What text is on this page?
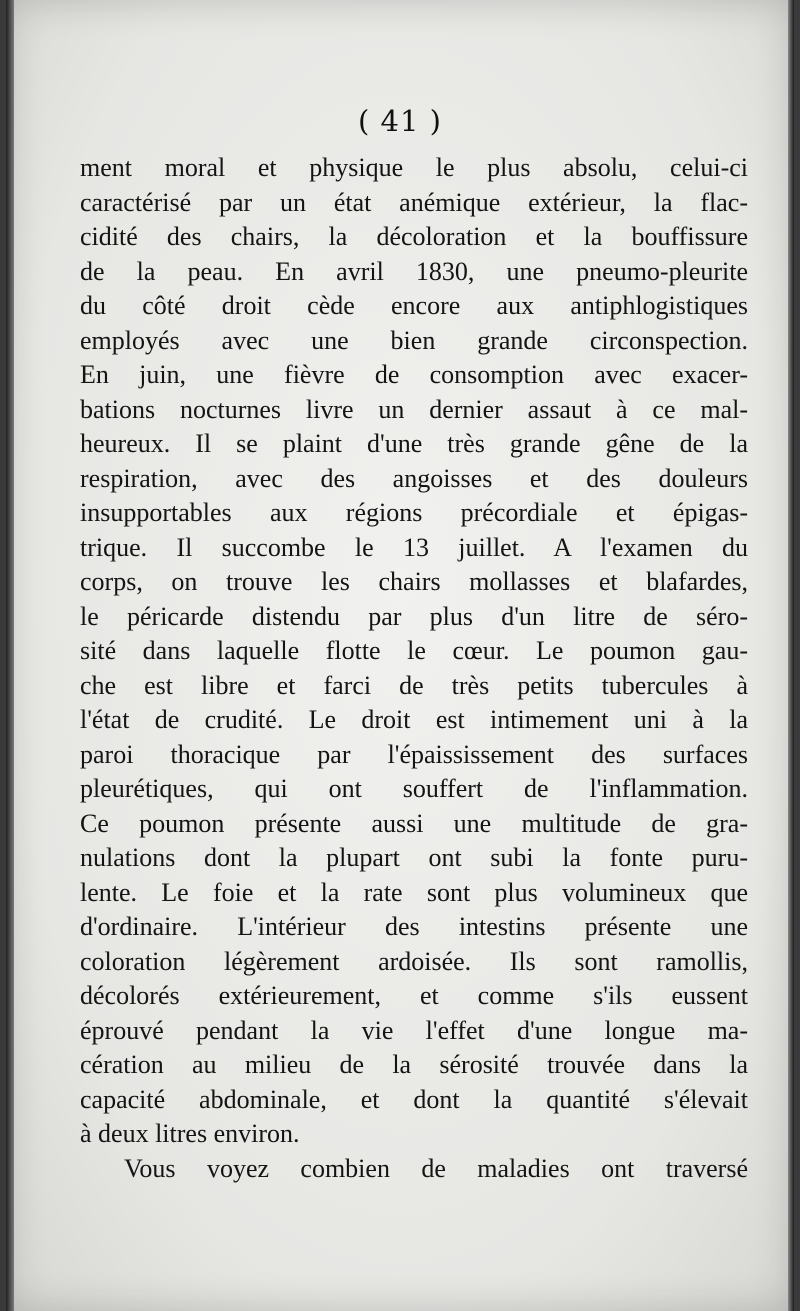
( 41 )
ment moral et physique le plus absolu, celui-ci
caractérisé par un état anémique extérieur, la flac-
cidité des chairs, la décoloration et la bouffissure
de la peau. En avril 1830, une pneumo-pleurite
du côté droit cède encore aux antiphlogistiques
employés avec une bien grande circonspection.
En juin, une fièvre de consomption avec exacer-
bations nocturnes livre un dernier assaut à ce mal-
heureux. Il se plaint d'une très grande gêne de la
respiration, avec des angoisses et des douleurs
insupportables aux régions précordiale et épigas-
trique. Il succombe le 13 juillet. A l'examen du
corps, on trouve les chairs mollasses et blafardes,
le péricarde distendu par plus d'un litre de séro-
sité dans laquelle flotte le cœur. Le poumon gau-
che est libre et farci de très petits tubercules à
l'état de crudité. Le droit est intimement uni à la
paroi thoracique par l'épaississement des surfaces
pleurétiques, qui ont souffert de l'inflammation.
Ce poumon présente aussi une multitude de gra-
nulations dont la plupart ont subi la fonte puru-
lente. Le foie et la rate sont plus volumineux que
d'ordinaire. L'intérieur des intestins présente une
coloration légèrement ardoisée. Ils sont ramollis,
décolorés extérieurement, et comme s'ils eussent
éprouvé pendant la vie l'effet d'une longue ma-
cération au milieu de la sérosité trouvée dans la
capacité abdominale, et dont la quantité s'élevait
à deux litres environ.
Vous voyez combien de maladies ont traversé
